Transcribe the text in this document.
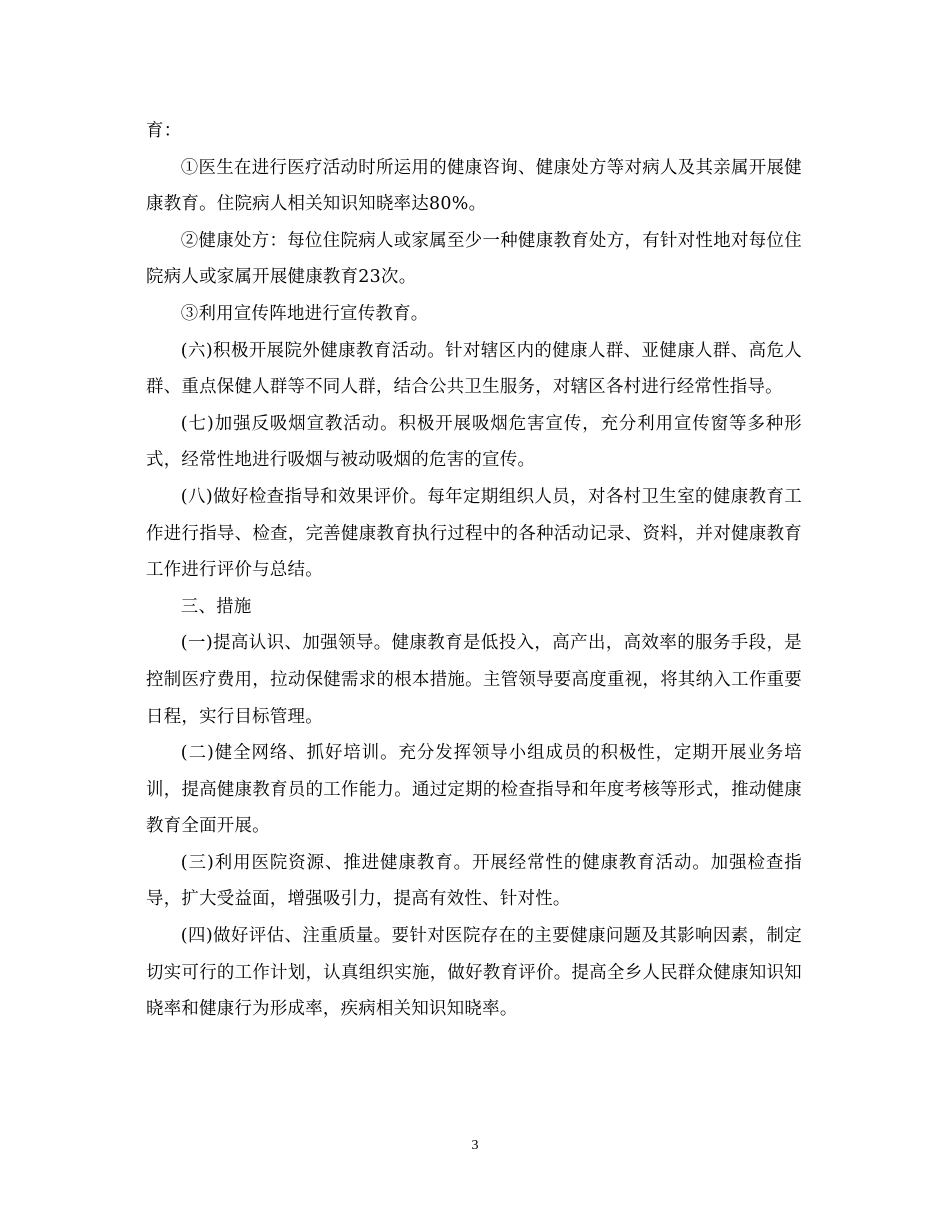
育：

①医生在进行医疗活动时所运用的健康咨询、健康处方等对病人及其亲属开展健康教育。住院病人相关知识知晓率达80%。

②健康处方：每位住院病人或家属至少一种健康教育处方，有针对性地对每位住院病人或家属开展健康教育23次。

③利用宣传阵地进行宣传教育。

(六)积极开展院外健康教育活动。针对辖区内的健康人群、亚健康人群、高危人群、重点保健人群等不同人群，结合公共卫生服务，对辖区各村进行经常性指导。

(七)加强反吸烟宣教活动。积极开展吸烟危害宣传，充分利用宣传窗等多种形式，经常性地进行吸烟与被动吸烟的危害的宣传。

(八)做好检查指导和效果评价。每年定期组织人员，对各村卫生室的健康教育工作进行指导、检查，完善健康教育执行过程中的各种活动记录、资料，并对健康教育工作进行评价与总结。

三、措施

(一)提高认识、加强领导。健康教育是低投入，高产出，高效率的服务手段，是控制医疗费用，拉动保健需求的根本措施。主管领导要高度重视，将其纳入工作重要日程，实行目标管理。

(二)健全网络、抓好培训。充分发挥领导小组成员的积极性，定期开展业务培训，提高健康教育员的工作能力。通过定期的检查指导和年度考核等形式，推动健康教育全面开展。

(三)利用医院资源、推进健康教育。开展经常性的健康教育活动。加强检查指导，扩大受益面，增强吸引力，提高有效性、针对性。

(四)做好评估、注重质量。要针对医院存在的主要健康问题及其影响因素，制定切实可行的工作计划，认真组织实施，做好教育评价。提高全乡人民群众健康知识知晓率和健康行为形成率，疾病相关知识知晓率。

3
